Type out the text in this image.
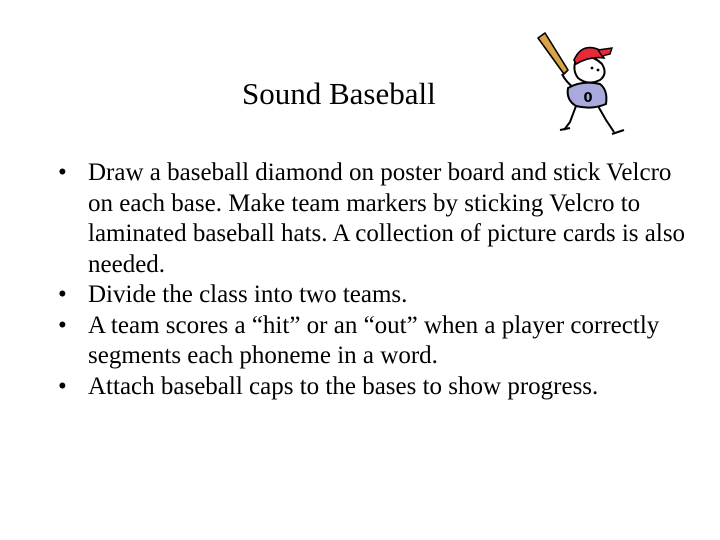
Sound Baseball	0
• Draw a baseball diamond on poster board and stick Velcro on each base. Make team markers by sticking Velcro to laminated baseball hats. A collection of picture cards is also needed.
• Divide the class into two teams.
• A team scores a “hit” or an “out” when a player correctly segments each phoneme in a word.
• Attach baseball caps to the bases to show progress.
